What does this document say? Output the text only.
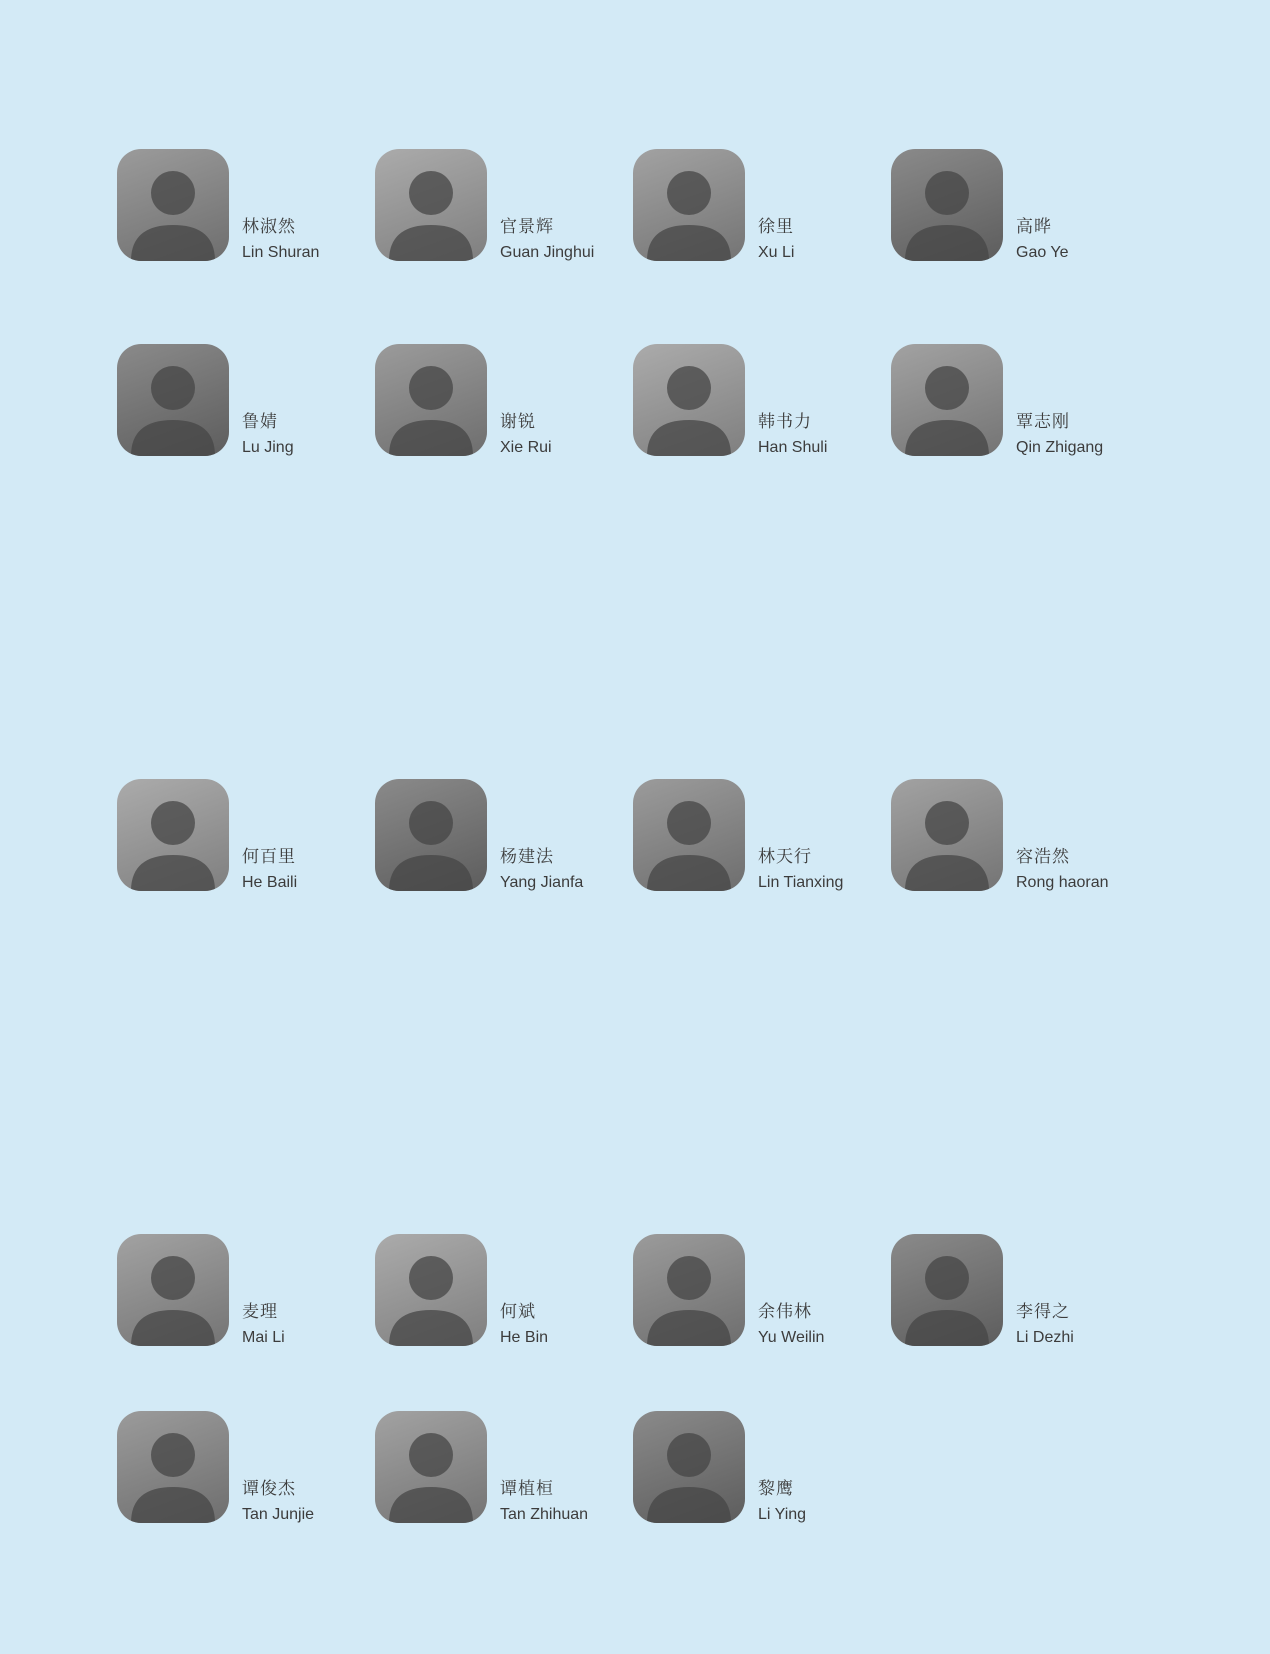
林淑然
Lin Shuran
官景辉
Guan Jinghui
徐里
Xu Li
高晔
Gao Ye
鲁婧
Lu Jing
谢锐
Xie Rui
韩书力
Han Shuli
覃志刚
Qin Zhigang
何百里
He Baili
杨建法
Yang Jianfa
林天行
Lin Tianxing
容浩然
Rong haoran
麦理
Mai Li
何斌
He Bin
余伟林
Yu Weilin
李得之
Li Dezhi
谭俊杰
Tan Junjie
谭植桓
Tan Zhihuan
黎鹰
Li Ying
